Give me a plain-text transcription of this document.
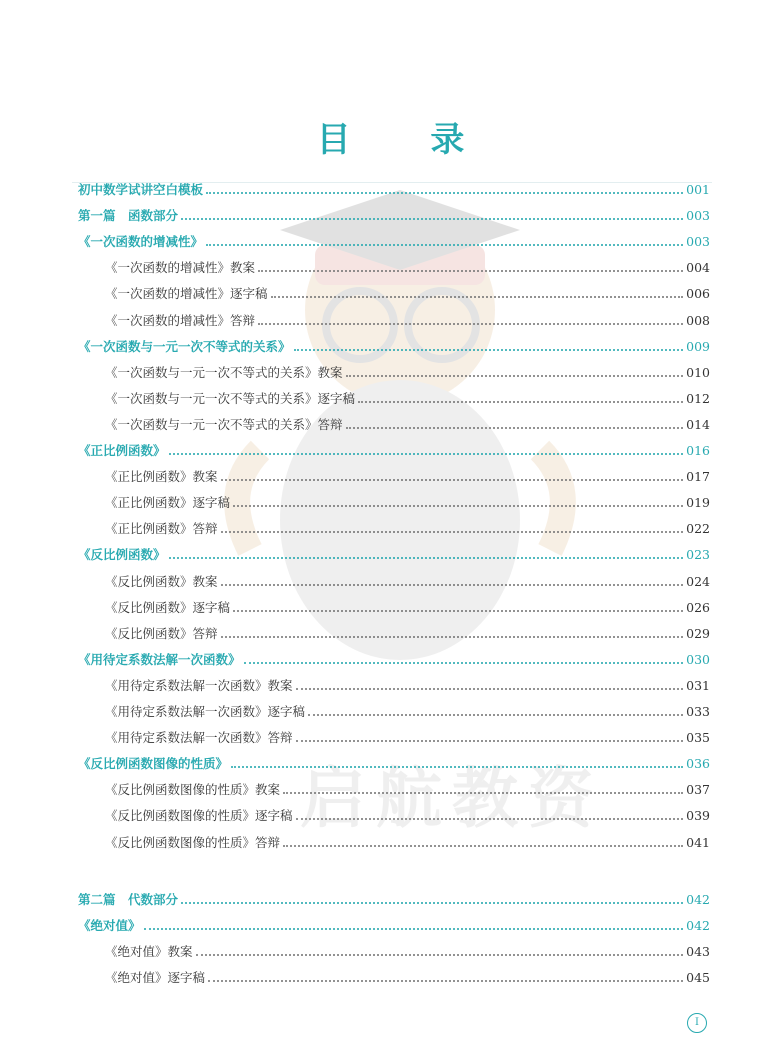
目 录
启航教资
初中数学试讲空白模板	001
第一篇　函数部分	003
《一次函数的增减性》	003
《一次函数的增减性》教案	004
《一次函数的增减性》逐字稿	006
《一次函数的增减性》答辩	008
《一次函数与一元一次不等式的关系》	009
《一次函数与一元一次不等式的关系》教案	010
《一次函数与一元一次不等式的关系》逐字稿	012
《一次函数与一元一次不等式的关系》答辩	014
《正比例函数》	016
《正比例函数》教案	017
《正比例函数》逐字稿	019
《正比例函数》答辩	022
《反比例函数》	023
《反比例函数》教案	024
《反比例函数》逐字稿	026
《反比例函数》答辩	029
《用待定系数法解一次函数》	030
《用待定系数法解一次函数》教案	031
《用待定系数法解一次函数》逐字稿	033
《用待定系数法解一次函数》答辩	035
《反比例函数图像的性质》	036
《反比例函数图像的性质》教案	037
《反比例函数图像的性质》逐字稿	039
《反比例函数图像的性质》答辩	041
第二篇　代数部分	042
《绝对值》	042
《绝对值》教案	043
《绝对值》逐字稿	045
I
